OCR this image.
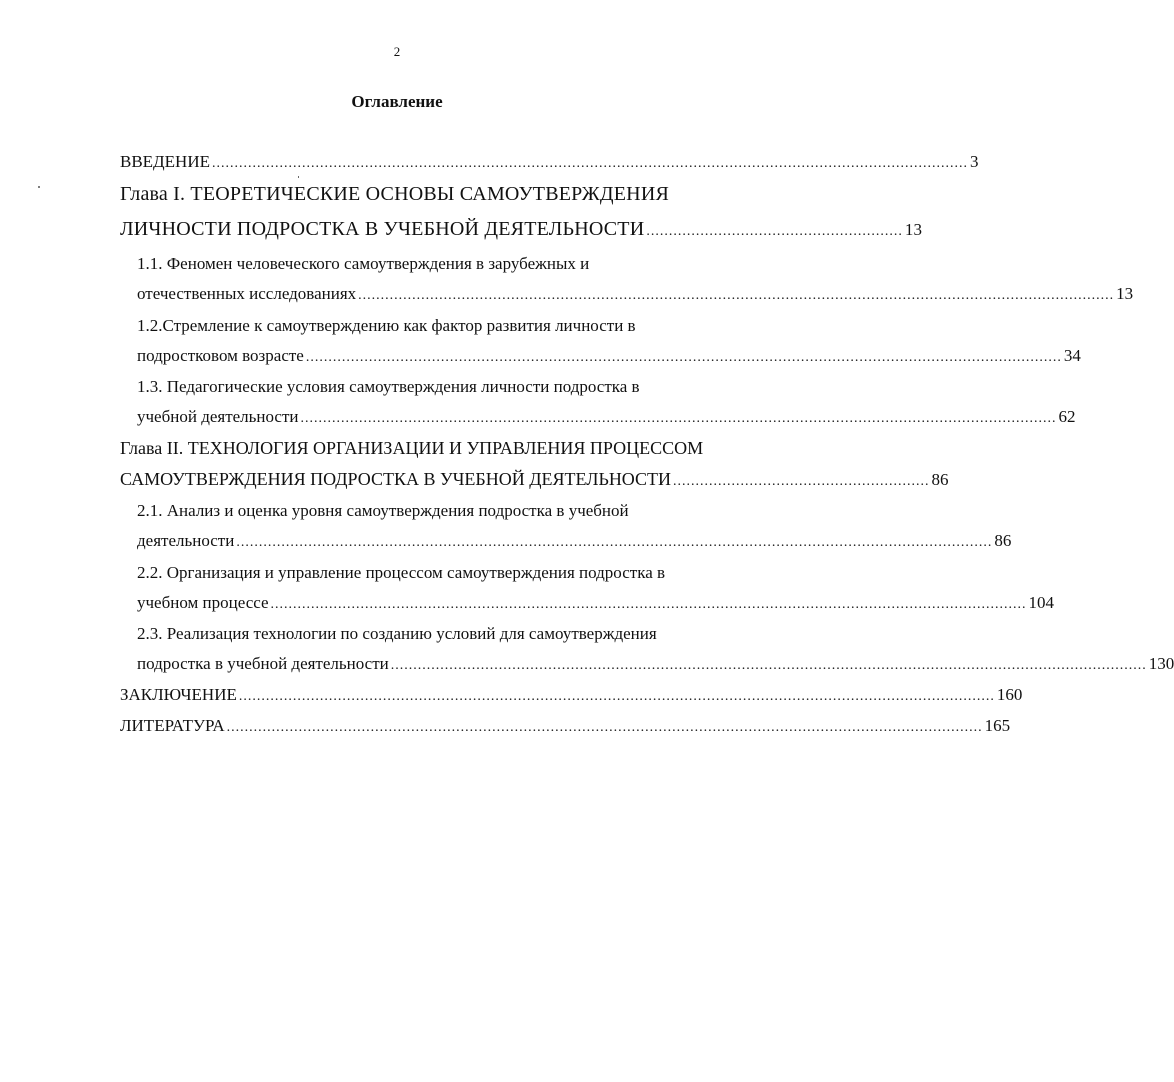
2
Оглавление
ВВЕДЕНИЕ ........................................................................................................................................................................ 3
Глава I. ТЕОРЕТИЧЕСКИЕ ОСНОВЫ САМОУТВЕРЖДЕНИЯ
ЛИЧНОСТИ ПОДРОСТКА В УЧЕБНОЙ ДЕЯТЕЛЬНОСТИ ......................................................... 13
1.1. Феномен человеческого самоутверждения в зарубежных и
отечественных исследованиях ........................................................................................................................................................................ 13
1.2.Стремление к самоутверждению как фактор развития личности в
подростковом возрасте ........................................................................................................................................................................ 34
1.3. Педагогические условия самоутверждения личности подростка в
учебной деятельности ........................................................................................................................................................................ 62
Глава II. ТЕХНОЛОГИЯ ОРГАНИЗАЦИИ И УПРАВЛЕНИЯ ПРОЦЕССОМ
САМОУТВЕРЖДЕНИЯ ПОДРОСТКА В УЧЕБНОЙ ДЕЯТЕЛЬНОСТИ ......................................................... 86
2.1. Анализ и оценка уровня самоутверждения подростка в учебной
деятельности ........................................................................................................................................................................ 86
2.2. Организация и управление процессом самоутверждения подростка в
учебном процессе ........................................................................................................................................................................ 104
2.3. Реализация технологии по созданию условий для самоутверждения
подростка в учебной деятельности ........................................................................................................................................................................ 130
ЗАКЛЮЧЕНИЕ ........................................................................................................................................................................ 160
ЛИТЕРАТУРА ........................................................................................................................................................................ 165
